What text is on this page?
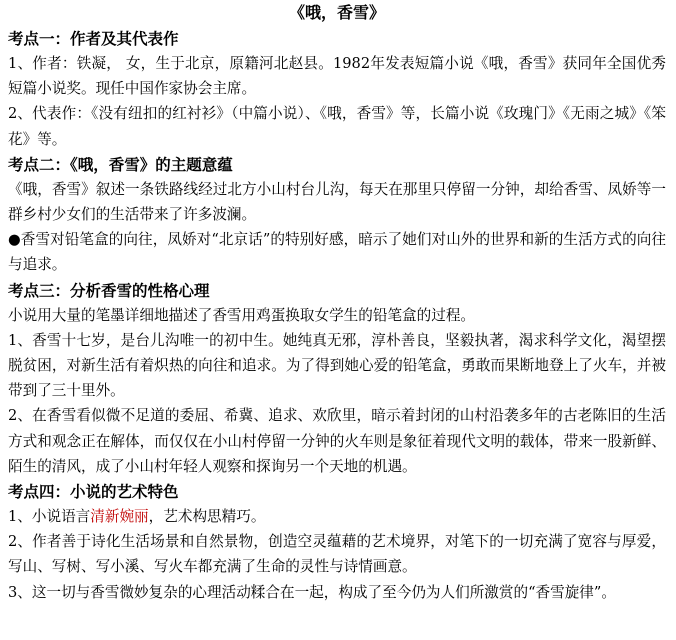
《哦，香雪》
考点一：作者及其代表作

1、作者：铁凝， 女，生于北京，原籍河北赵县。1982年发表短篇小说《哦，香雪》获同年全国优秀短篇小说奖。现任中国作家协会主席。

2、代表作：《没有纽扣的红衬衫》（中篇小说）、《哦，香雪》等，长篇小说《玫瑰门》《无雨之城》《笨花》等。

考点二：《哦，香雪》的主题意蕴

《哦，香雪》叙述一条铁路线经过北方小山村台儿沟，每天在那里只停留一分钟，却给香雪、凤娇等一群乡村少女们的生活带来了许多波澜。

●香雪对铅笔盒的向往，凤娇对“北京话”的特别好感，暗示了她们对山外的世界和新的生活方式的向往与追求。

考点三：分析香雪的性格心理

小说用大量的笔墨详细地描述了香雪用鸡蛋换取女学生的铅笔盒的过程。

1、香雪十七岁，是台儿沟唯一的初中生。她纯真无邪，淳朴善良，坚毅执著，渴求科学文化，渴望摆脱贫困，对新生活有着炽热的向往和追求。为了得到她心爱的铅笔盒，勇敢而果断地登上了火车，并被带到了三十里外。

2、在香雪看似微不足道的委屈、希冀、追求、欢欣里，暗示着封闭的山村沿袭多年的古老陈旧的生活方式和观念正在解体，而仅仅在小山村停留一分钟的火车则是象征着现代文明的载体，带来一股新鲜、陌生的清风，成了小山村年轻人观察和探询另一个天地的机遇。

考点四：小说的艺术特色

1、小说语言清新婉丽，艺术构思精巧。

2、作者善于诗化生活场景和自然景物，创造空灵蕴藉的艺术境界，对笔下的一切充满了宽容与厚爱，写山、写树、写小溪、写火车都充满了生命的灵性与诗情画意。

3、这一切与香雪微妙复杂的心理活动糅合在一起，构成了至今仍为人们所激赏的“香雪旋律”。
